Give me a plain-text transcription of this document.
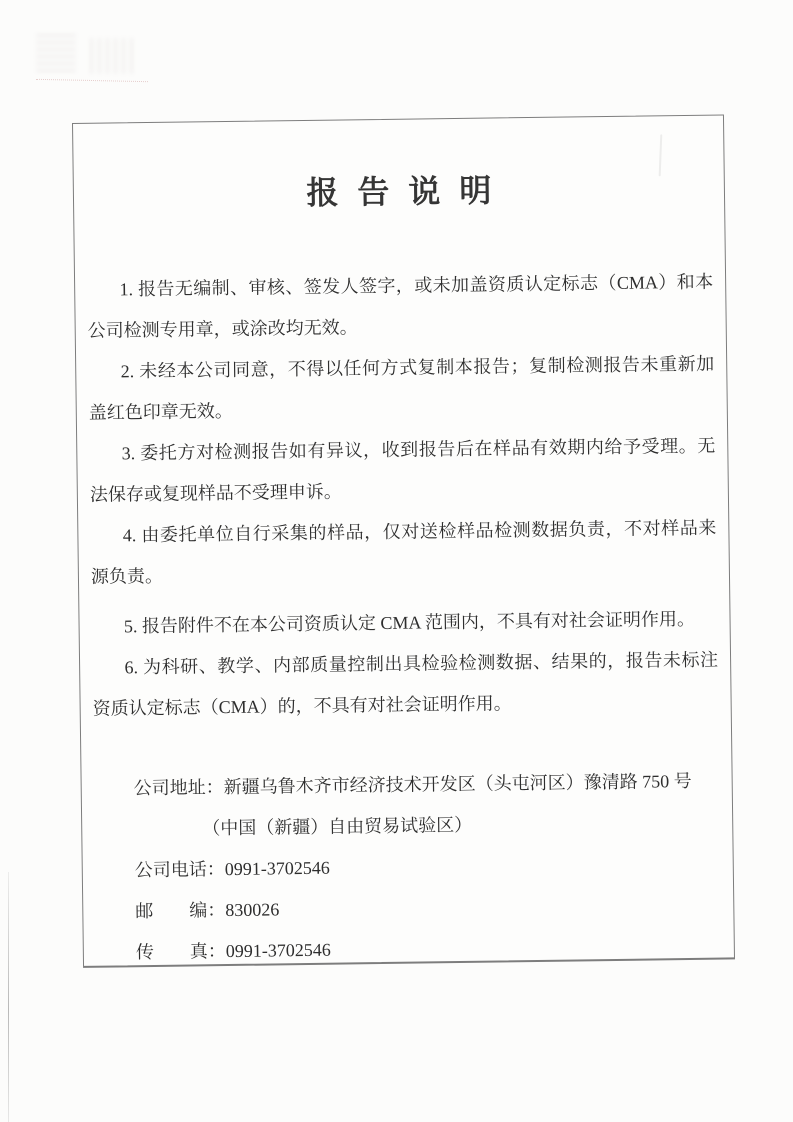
报告说明

1. 报告无编制、审核、签发人签字，或未加盖资质认定标志（CMA）和本公司检测专用章，或涂改均无效。

2. 未经本公司同意，不得以任何方式复制本报告；复制检测报告未重新加盖红色印章无效。

3. 委托方对检测报告如有异议，收到报告后在样品有效期内给予受理。无法保存或复现样品不受理申诉。

4. 由委托单位自行采集的样品，仅对送检样品检测数据负责，不对样品来源负责。

5. 报告附件不在本公司资质认定 CMA 范围内，不具有对社会证明作用。

6. 为科研、教学、内部质量控制出具检验检测数据、结果的，报告未标注资质认定标志（CMA）的，不具有对社会证明作用。

公司地址：新疆乌鲁木齐市经济技术开发区（头屯河区）豫清路 750 号
（中国（新疆）自由贸易试验区）
公司电话：0991-3702546
邮编：830026
传真：0991-3702546
